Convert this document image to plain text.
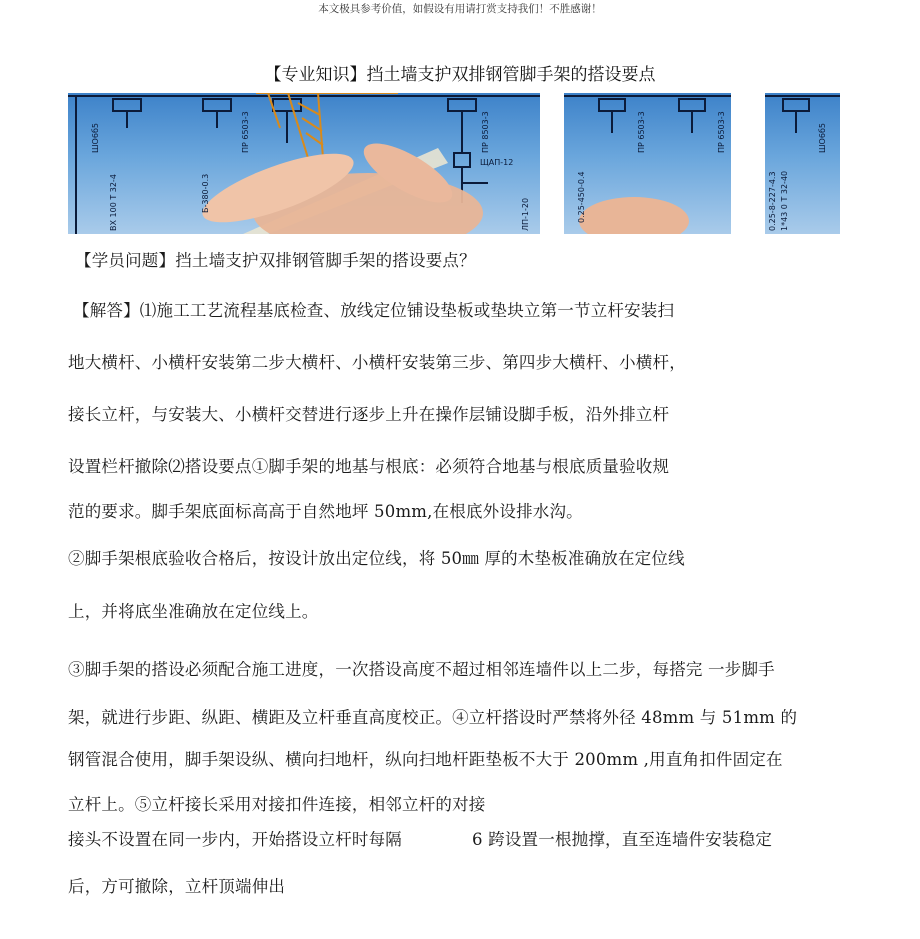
本文极具参考价值，如假设有用请打赏支持我们！不胜感谢！
【专业知识】挡土墙支护双排钢管脚手架的搭设要点
ШО6б5	ПР 6503-3	ПР 8503-3
ЩАП-12
Б-380-0.3
ЛП-1-20
ВХ 100 Т 32-4
ПР 6503-3	ПР 6503-3
0.25-450-0.4
ШО6б5
0.25-8-227-4.3 1*43 0 Т 32-40
【学员问题】挡土墙支护双排钢管脚手架的搭设要点？
【解答】⑴施工工艺流程基底检查、放线定位铺设垫板或垫块立第一节立杆安装扫
地大横杆、小横杆安装第二步大横杆、小横杆安装第三步、第四步大横杆、小横杆，
接长立杆，与安装大、小横杆交替进行逐步上升在操作层铺设脚手板，沿外排立杆
设置栏杆撤除⑵搭设要点①脚手架的地基与根底：必须符合地基与根底质量验收规
范的要求。脚手架底面标高高于自然地坪 50mm,在根底外设排水沟。
②脚手架根底验收合格后，按设计放出定位线，将 50㎜ 厚的木垫板准确放在定位线
上，并将底坐准确放在定位线上。
③脚手架的搭设必须配合施工进度，一次搭设高度不超过相邻连墙件以上二步，每搭完 一步脚手
架，就进行步距、纵距、横距及立杆垂直高度校正。④立杆搭设时严禁将外径 48mm 与 51mm 的
钢管混合使用，脚手架设纵、横向扫地杆，纵向扫地杆距垫板不大于 200mm ,用直角扣件固定在
立杆上。⑤立杆接长采用对接扣件连接，相邻立杆的对接
接头不设置在同一步内，开始搭设立杆时每隔	6 跨设置一根抛撑，直至连墙件安装稳定
后，方可撤除，立杆顶端伸出
